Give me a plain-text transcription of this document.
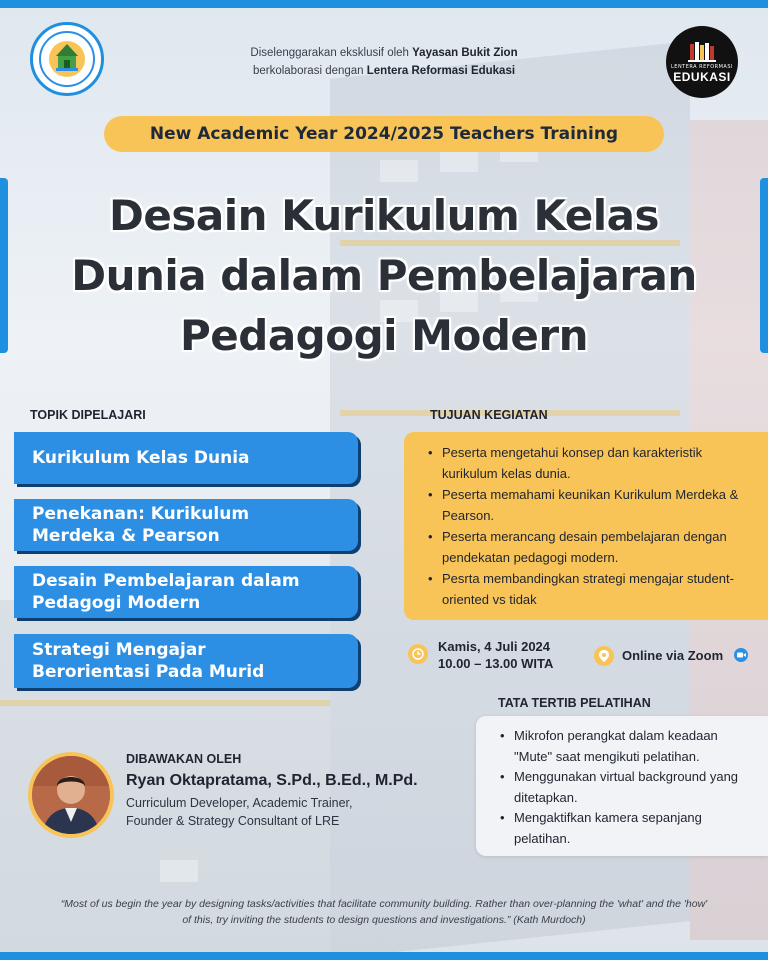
Diselenggarakan eksklusif oleh Yayasan Bukit Zion
berkolaborasi dengan Lentera Reformasi Edukasi	LENTERA REFORMASI
EDUKASI
New Academic Year 2024/2025 Teachers Training
Desain Kurikulum Kelas
Dunia dalam Pembelajaran
Pedagogi Modern
TOPIK DIPELAJARI
Kurikulum Kelas Dunia
Penekanan: Kurikulum Merdeka & Pearson
Desain Pembelajaran dalam Pedagogi Modern
Strategi Mengajar Berorientasi Pada Murid
TUJUAN KEGIATAN
• Peserta mengetahui konsep dan karakteristik kurikulum kelas dunia.
• Peserta memahami keunikan Kurikulum Merdeka & Pearson.
• Peserta merancang desain pembelajaran dengan pendekatan pedagogi modern.
• Pesrta membandingkan strategi mengajar student-oriented vs tidak
Kamis, 4 Juli 2024
10.00 – 13.00 WITA
Online via Zoom
TATA TERTIB PELATIHAN
• Mikrofon perangkat dalam keadaan "Mute" saat mengikuti pelatihan.
• Menggunakan virtual background yang ditetapkan.
• Mengaktifkan kamera sepanjang pelatihan.
DIBAWAKAN OLEH
Ryan Oktapratama, S.Pd., B.Ed., M.Pd.
Curriculum Developer, Academic Trainer,
Founder & Strategy Consultant of LRE
“Most of us begin the year by designing tasks/activities that facilitate community building. Rather than over-planning the 'what' and the 'how' of this, try inviting the students to design questions and investigations.” (Kath Murdoch)
